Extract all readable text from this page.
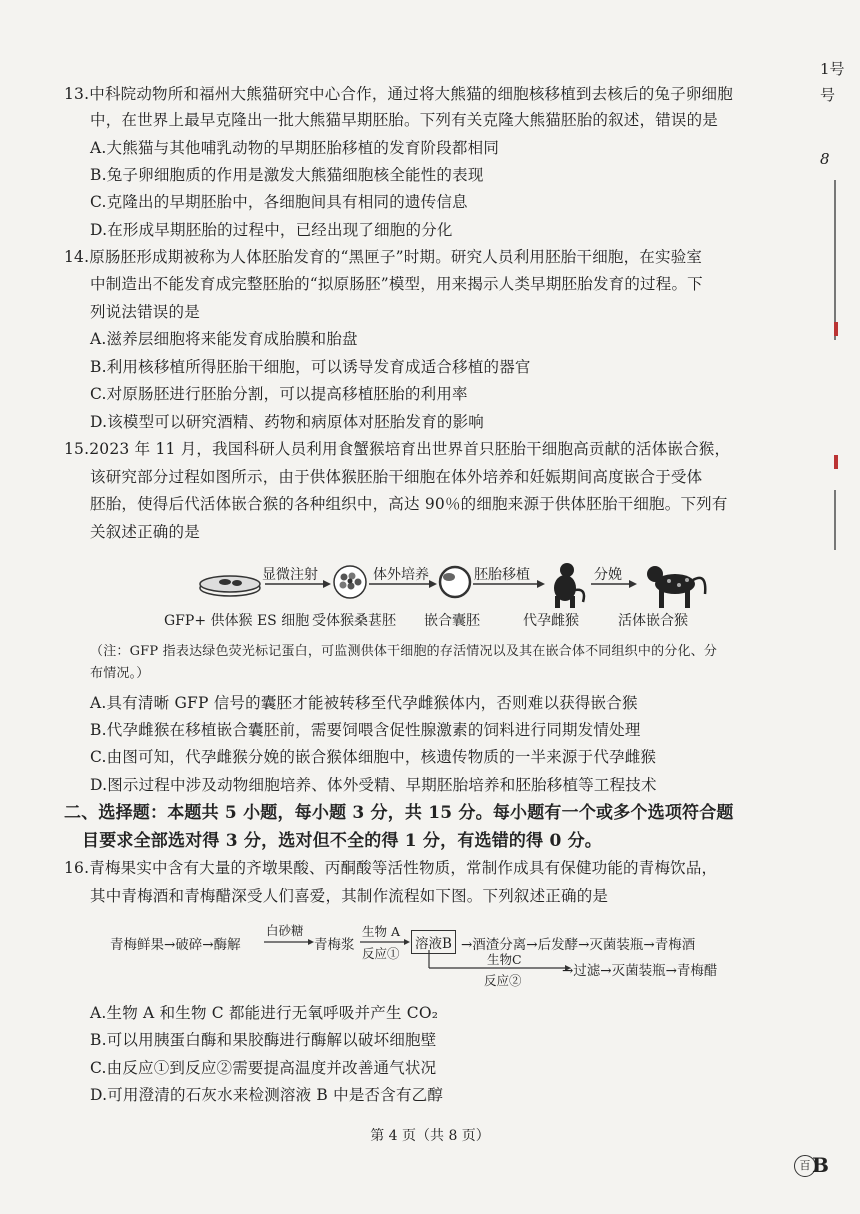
1号
号
8
13.中科院动物所和福州大熊猫研究中心合作，通过将大熊猫的细胞核移植到去核后的兔子卵细胞
中，在世界上最早克隆出一批大熊猫早期胚胎。下列有关克隆大熊猫胚胎的叙述，错误的是
A.大熊猫与其他哺乳动物的早期胚胎移植的发育阶段都相同
B.兔子卵细胞质的作用是激发大熊猫细胞核全能性的表现
C.克隆出的早期胚胎中，各细胞间具有相同的遗传信息
D.在形成早期胚胎的过程中，已经出现了细胞的分化
14.原肠胚形成期被称为人体胚胎发育的“黑匣子”时期。研究人员利用胚胎干细胞，在实验室
中制造出不能发育成完整胚胎的“拟原肠胚”模型，用来揭示人类早期胚胎发育的过程。下
列说法错误的是
A.滋养层细胞将来能发育成胎膜和胎盘
B.利用核移植所得胚胎干细胞，可以诱导发育成适合移植的器官
C.对原肠胚进行胚胎分割，可以提高移植胚胎的利用率
D.该模型可以研究酒精、药物和病原体对胚胎发育的影响
15.2023 年 11 月，我国科研人员利用食蟹猴培育出世界首只胚胎干细胞高贡献的活体嵌合猴，
该研究部分过程如图所示，由于供体猴胚胎干细胞在体外培养和妊娠期间高度嵌合于受体
胚胎，使得后代活体嵌合猴的各种组织中，高达 90％的细胞来源于供体胚胎干细胞。下列有
关叙述正确的是
显微注射	体外培养	胚胎移植	分娩
GFP+ 供体猴 ES 细胞 受体猴桑葚胚 嵌合囊胚	代孕雌猴	活体嵌合猴
（注：GFP 指表达绿色荧光标记蛋白，可监测供体干细胞的存活情况以及其在嵌合体不同组织中的分化、分
布情况。）
A.具有清晰 GFP 信号的囊胚才能被转移至代孕雌猴体内，否则难以获得嵌合猴
B.代孕雌猴在移植嵌合囊胚前，需要饲喂含促性腺激素的饲料进行同期发情处理
C.由图可知，代孕雌猴分娩的嵌合猴体细胞中，核遗传物质的一半来源于代孕雌猴
D.图示过程中涉及动物细胞培养、体外受精、早期胚胎培养和胚胎移植等工程技术
二、选择题：本题共 5 小题，每小题 3 分，共 15 分。每小题有一个或多个选项符合题
目要求全部选对得 3 分，选对但不全的得 1 分，有选错的得 0 分。
16.青梅果实中含有大量的齐墩果酸、丙酮酸等活性物质，常制作成具有保健功能的青梅饮品，
其中青梅酒和青梅醋深受人们喜爱，其制作流程如下图。下列叙述正确的是
青梅鲜果→破碎→酶解
白砂糖
青梅浆
生物 A
反应①
溶液B →酒渣分离→后发酵→灭菌装瓶→青梅酒
生物C
反应②
→过滤→灭菌装瓶→青梅醋
A.生物 A 和生物 C 都能进行无氧呼吸并产生 CO₂
B.可以用胰蛋白酶和果胶酶进行酶解以破坏细胞壁
C.由反应①到反应②需要提高温度并改善通气状况
D.可用澄清的石灰水来检测溶液 B 中是否含有乙醇
第 4 页（共 8 页）
百 B
